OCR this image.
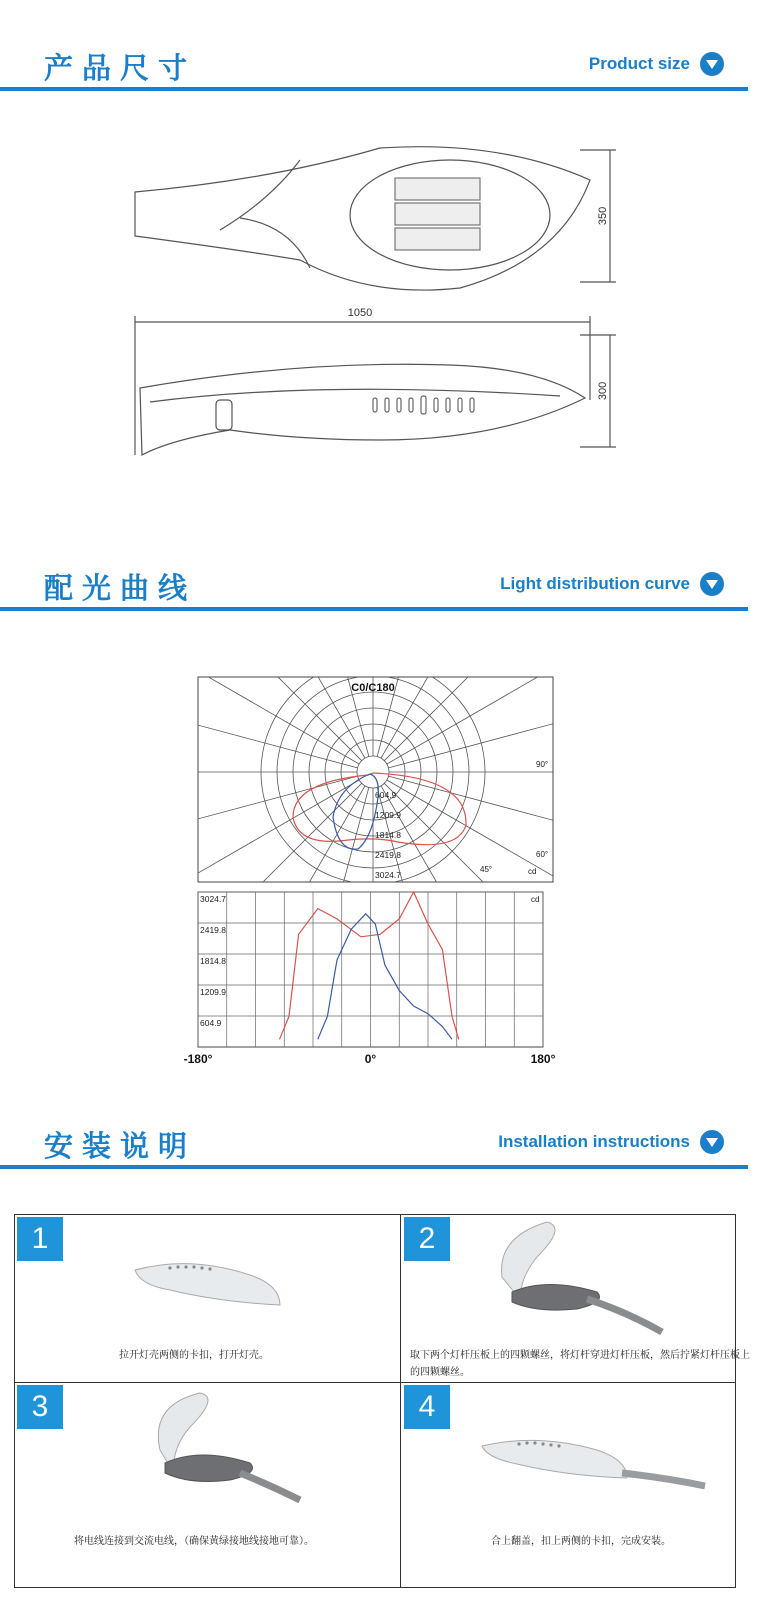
产品尺寸	Product size
1050
350
300
配光曲线	Light distribution curve
C0/C180
604.9
1209.9
1814.8
2419.8
3024.7
90°
60°
45°	cd
3024.7
2419.8
1814.8
1209.9
604.9
cd
-180°	0°	180°
安装说明	Installation instructions
1
拉开灯壳两侧的卡扣，打开灯壳。
2
取下两个灯杆压板上的四颗螺丝，将灯杆穿进灯杆压板，然后拧紧灯杆压板上的四颗螺丝。
3
将电线连接到交流电线，（确保黄绿接地线接地可靠）。
4
合上翻盖，扣上两侧的卡扣，完成安装。
